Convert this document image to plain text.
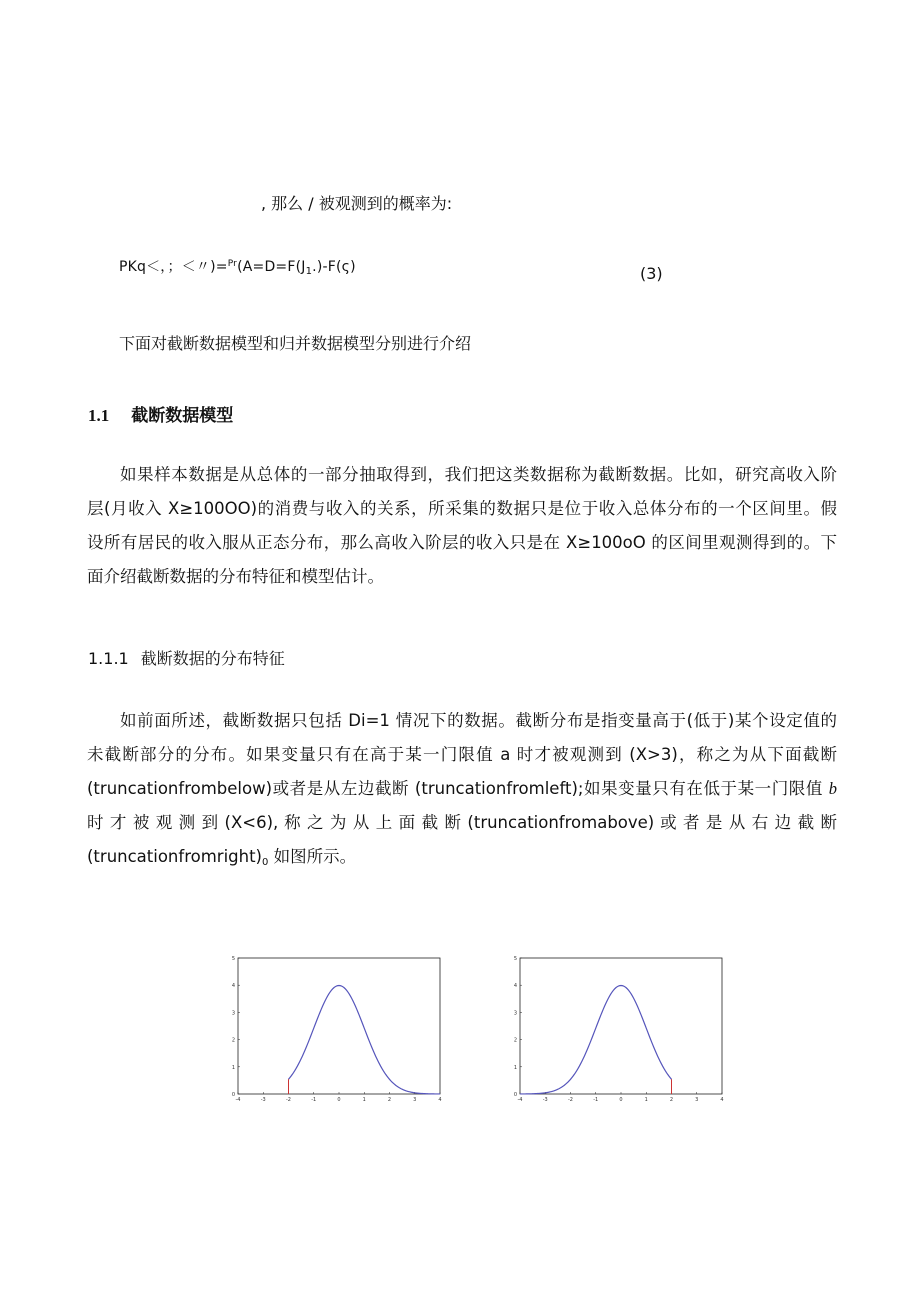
, 那么 / 被观测到的概率为:
PKq＜，；＜〃)$=^{Pr}(A=D=F(J_1.)-F(\varsigma)$	(3)
下面对截断数据模型和归并数据模型分别进行介绍
1.1 截断数据模型
如果样本数据是从总体的一部分抽取得到，我们把这类数据称为截断数据。比如，研究高收入阶
层(月收入 X≥100OO)的消费与收入的关系，所采集的数据只是位于收入总体分布的一个区间里。假
设所有居民的收入服从正态分布，那么高收入阶层的收入只是在 X≥100oO 的区间里观测得到的。下
面介绍截断数据的分布特征和模型估计。
1.1.1 截断数据的分布特征
如前面所述，截断数据只包括 Di=1 情况下的数据。截断分布是指变量高于(低于)某个设定值的
未截断部分的分布。如果变量只有在高于某一门限值 a 时才被观测到 (X>3)，称之为从下面截断
(truncationfrombelow)或者是从左边截断 (truncationfromleft);如果变量只有在低于某一门限值 b
时 才 被 观 测 到 (X<6), 称 之 为 从 上 面 截 断 (truncationfromabove) 或 者 是 从 右 边 截 断
$(truncationfromright)_0$ 如图所示。
-4	-3	-2	-1	0	1	2	3	4
0
1
2
3
4
5
-4	-3	-2	-1	0	1	2	3	4
0
1
2
3
4
5
